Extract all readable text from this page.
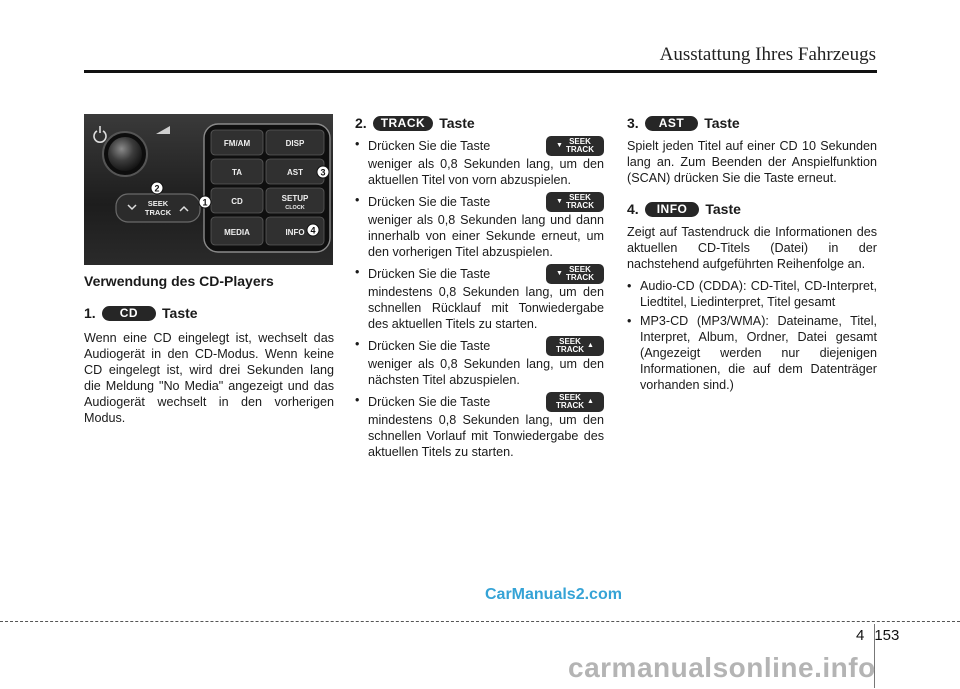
Ausstattung Ihres Fahrzeugs
SEEK
TRACK
FM/AM	DISP
TA	AST
CD	SETUP
CLOCK
MEDIA	INFO
1
2
3
4
Verwendung des CD-Players
1.	CD	Taste

Wenn eine CD eingelegt ist, wechselt das Audiogerät in den CD-Modus. Wenn keine CD eingelegt ist, wird drei Sekunden lang die Meldung "No Media" angezeigt und das Audiogerät wechselt in den vorherigen Modus.

2.	TRACK	Taste
• Drücken Sie die Taste	▼ SEEK
TRACK
weniger als 0,8 Sekunden lang, um den aktuellen Titel von vorn abzuspielen.
• Drücken Sie die Taste	▼ SEEK
TRACK
weniger als 0,8 Sekunden lang und dann innerhalb von einer Sekunde erneut, um den vorherigen Titel abzuspielen.
• Drücken Sie die Taste	▼ SEEK
TRACK
mindestens 0,8 Sekunden lang, um den schnellen Rücklauf mit Tonwiedergabe des aktuellen Titels zu starten.
• Drücken Sie die Taste	SEEK
TRACK ▲
weniger als 0,8 Sekunden lang, um den nächsten Titel abzuspielen.
• Drücken Sie die Taste	SEEK
TRACK ▲
mindestens 0,8 Sekunden lang, um den schnellen Vorlauf mit Tonwiedergabe des aktuellen Titels zu starten.
3.	AST	Taste

Spielt jeden Titel auf einer CD 10 Sekunden lang an. Zum Beenden der Anspielfunktion (SCAN) drücken Sie die Taste erneut.

4.	INFO	Taste

Zeigt auf Tastendruck die Informationen des aktuellen CD-Titels (Datei) in der nachstehend aufgeführten Reihenfolge an.

• Audio-CD (CDDA): CD-Titel, CD-Interpret, Liedtitel, Liedinterpret, Titel gesamt
• MP3-CD (MP3/WMA): Dateiname, Titel, Interpret, Album, Ordner, Datei gesamt (Angezeigt werden nur diejenigen Informationen, die auf dem Datenträger vorhanden sind.)
CarManuals2.com
4 153
carmanualsonline.info
